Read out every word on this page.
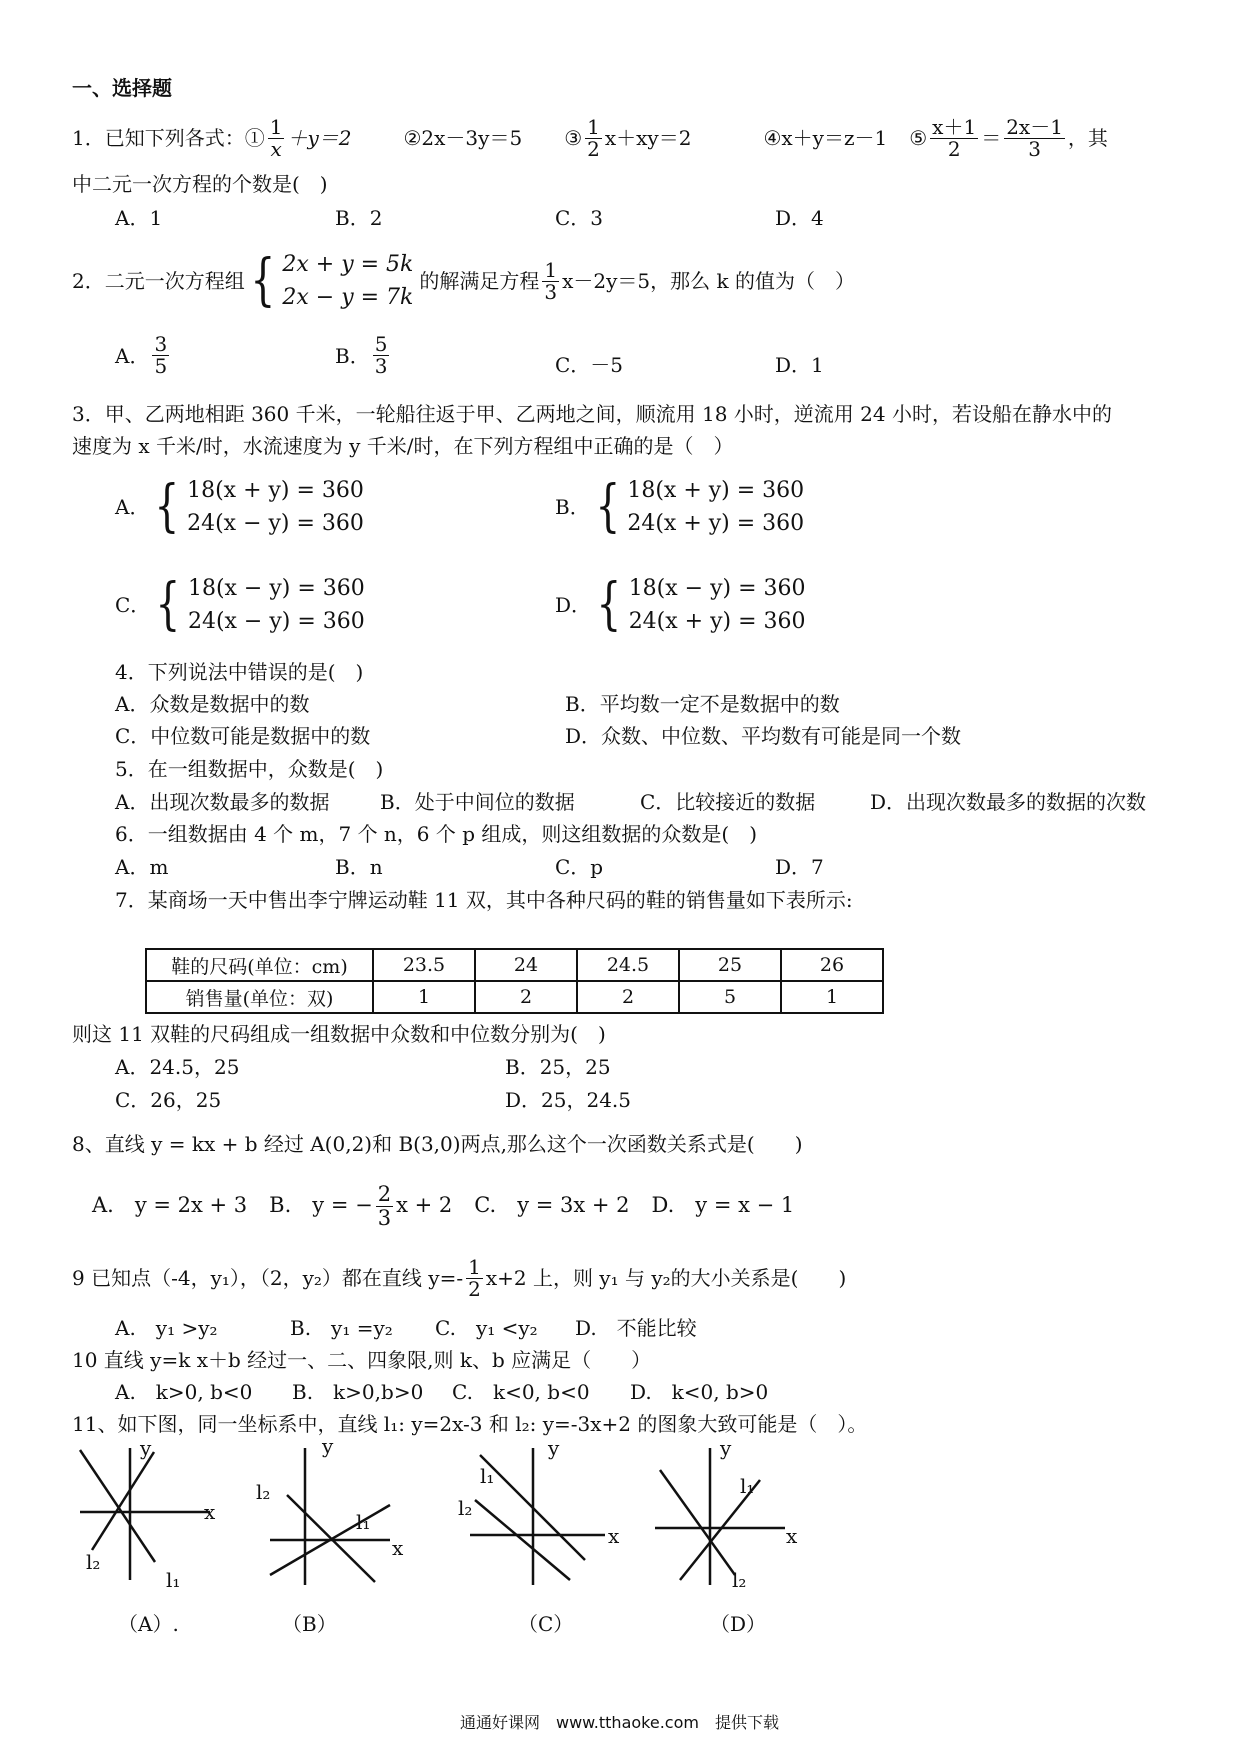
一、选择题
1．已知下列各式：① $\frac{1}{x} +y=2$	②2x－3y＝5 ③ $\frac{1}{2} x+xy=2$	④x＋y＝z－1 ⑤ $\frac{x+1}{2} = \frac{2x-1}{3}$ ，其
中二元一次方程的个数是(　)
A．1	B．2	C．3	D．4
2．二元一次方程组 { 2x + y = 5k
2x − y = 7k
的解满足方程 $\frac{1}{3} x-2y=5$，那么 k 的值为（　）
A． $\frac{3}{5}$	B． $\frac{5}{3}$	C．－5	D．1
3．甲、乙两地相距 360 千米，一轮船往返于甲、乙两地之间，顺流用 18 小时，逆流用 24 小时，若设船在静水中的
速度为 x 千米/时，水流速度为 y 千米/时，在下列方程组中正确的是（　）
A． { 18(x + y) = 360
24(x − y) = 360
B． { 18(x + y) = 360
24(x + y) = 360
C． { 18(x − y) = 360
24(x − y) = 360
D． { 18(x − y) = 360
24(x + y) = 360
4．下列说法中错误的是(　)
A．众数是数据中的数	B．平均数一定不是数据中的数
C．中位数可能是数据中的数	D．众数、中位数、平均数有可能是同一个数
5．在一组数据中，众数是(　)
A．出现次数最多的数据	B．处于中间位的数据	C．比较接近的数据	D．出现次数最多的数据的次数
6．一组数据由 4 个 m，7 个 n，6 个 p 组成，则这组数据的众数是(　)
A．m	B．n	C．p	D．7
7．某商场一天中售出李宁牌运动鞋 11 双，其中各种尺码的鞋的销售量如下表所示:
鞋的尺码(单位：cm)	23.5	24	24.5	25	26
销售量(单位：双)	1	2	2	5	1
则这 11 双鞋的尺码组成一组数据中众数和中位数分别为(　)
A．24.5，25	B．25，25
C．26，25	D．25，24.5
8、直线 y = kx + b 经过 A(0,2)和 B(3,0)两点,那么这个一次函数关系式是(　　)
A.　y = 2x + 3 B.　y = − $\frac{2}{3}$ x + 2 C.　y = 3x + 2 D.　y = x − 1
9 已知点（-4，y₁），（2，y₂）都在直线 $y=- \frac{1}{2} x+2$ 上，则 y₁ 与 y₂的大小关系是(　　)
A.　y₁ >y₂	B.　y₁ =y₂ C.　y₁ <y₂ D.　不能比较
10 直线 y=k x＋b 经过一、二、四象限,则 k、b 应满足（　　）
A.　k>0, b<0 B.　k>0,b>0 C.　k<0, b<0 D.　k<0, b>0
11、如下图，同一坐标系中，直线 l₁: y=2x-3 和 l₂: y=-3x+2 的图象大致可能是（　）。
y
x
l₂
l₁
y
l₂
l₁
x
y
l₁
l₂
x
y
l₁
x
l₂
（A）.	（B）	（C）	（D）
通通好课网　www.tthaoke.com　提供下载
